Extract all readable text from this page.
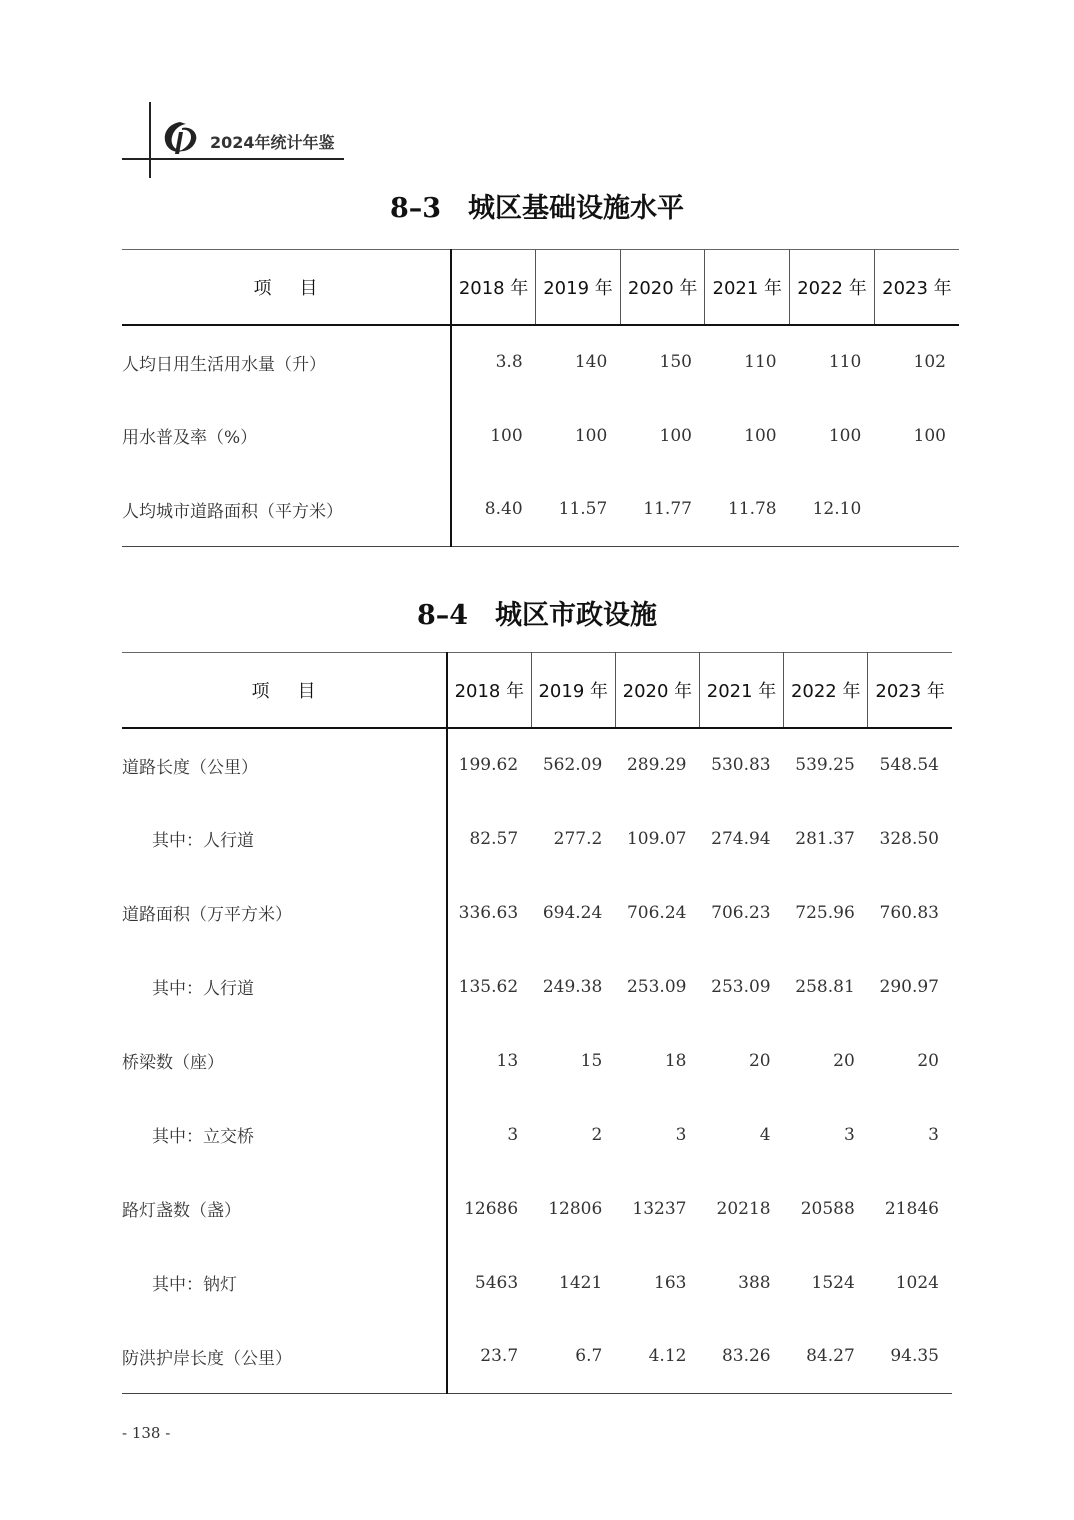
2024年统计年鉴
8–3　城区基础设施水平
项目	2018 年	2019 年	2020 年	2021 年	2022 年	2023 年
人均日用生活用水量（升）	3.8	140	150	110	110	102
用水普及率（%）	100	100	100	100	100	100
人均城市道路面积（平方米）	8.40	11.57	11.77	11.78	12.10	
8–4　城区市政设施
项目	2018 年	2019 年	2020 年	2021 年	2022 年	2023 年
道路长度（公里）	199.62	562.09	289.29	530.83	539.25	548.54
其中：人行道	82.57	277.2	109.07	274.94	281.37	328.50
道路面积（万平方米）	336.63	694.24	706.24	706.23	725.96	760.83
其中：人行道	135.62	249.38	253.09	253.09	258.81	290.97
桥梁数（座）	13	15	18	20	20	20
其中：立交桥	3	2	3	4	3	3
路灯盏数（盏）	12686	12806	13237	20218	20588	21846
其中：钠灯	5463	1421	163	388	1524	1024
防洪护岸长度（公里）	23.7	6.7	4.12	83.26	84.27	94.35
- 138 -
